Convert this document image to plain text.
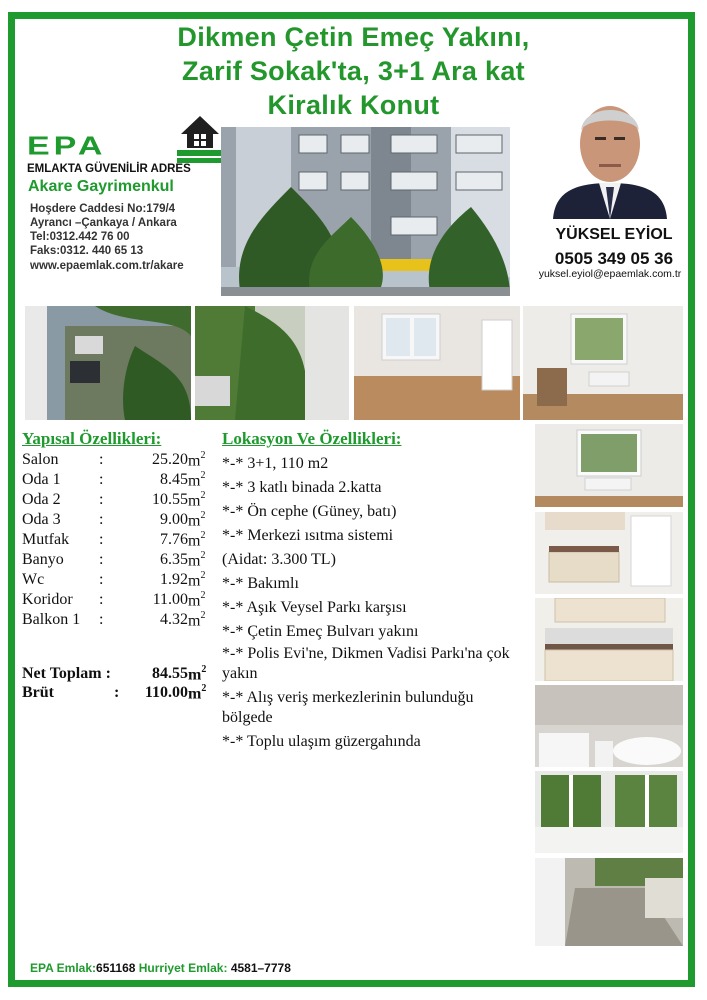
Dikmen Çetin Emeç Yakını,
Zarif Sokak'ta, 3+1 Ara kat
Kiralık Konut
EPA
EMLAKTA GÜVENİLİR ADRES
Akare Gayrimenkul
Hoşdere Caddesi No:179/4
Ayrancı –Çankaya / Ankara
Tel:0312.442 76 00
Faks:0312. 440 65 13
www.epaemlak.com.tr/akare
YÜKSEL EYİOL
0505 349 05 36
yuksel.eyiol@epaemlak.com.tr
Yapısal Özellikleri:
Salon	:	25.20 $m^2$
Oda 1 :	8.45 $m^2$
Oda 2 :	10.55 $m^2$
Oda 3 :	9.00 $m^2$
Mutfak :	7.76 $m^2$
Banyo :	6.35 $m^2$
Wc	:	1.92 $m^2$
Koridor :	11.00 $m^2$
Balkon 1 :	4.32 $m^2$
Net Toplam :	84.55 $m^2$
Brüt	: 110.00 $m^2$
Lokasyon Ve Özellikleri:
*-* 3+1, 110 m2
*-* 3 katlı binada 2.katta
*-* Ön cephe (Güney, batı)
*-* Merkezi ısıtma sistemi
(Aidat: 3.300 TL)
*-* Bakımlı
*-* Aşık Veysel Parkı karşısı
*-* Çetin Emeç Bulvarı yakını
*-* Polis Evi'ne, Dikmen Vadisi Parkı'na çok yakın
*-* Alış veriş merkezlerinin bulunduğu bölgede
*-* Toplu ulaşım güzergahında
EPA Emlak:651168 Hurriyet Emlak: 4581–7778
